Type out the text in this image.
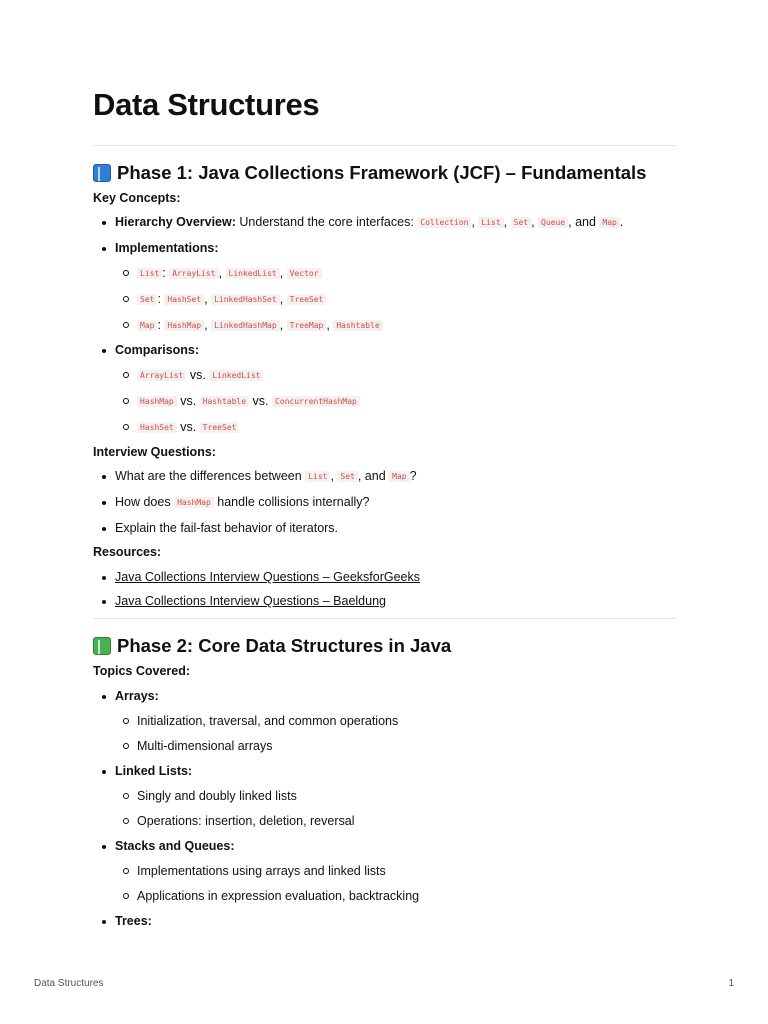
Data Structures
Phase 1: Java Collections Framework (JCF) – Fundamentals

Key Concepts:

Hierarchy Overview: Understand the core interfaces: Collection , List , Set , Queue , and Map .
Implementations:
List : ArrayList , LinkedList , Vector
Set : HashSet , LinkedHashSet , TreeSet
Map : HashMap , LinkedHashMap , TreeMap , Hashtable
Comparisons:
ArrayList vs. LinkedList
HashMap vs. Hashtable vs. ConcurrentHashMap
HashSet vs. TreeSet

Interview Questions:

What are the differences between List , Set , and Map ?
How does HashMap handle collisions internally?
Explain the fail-fast behavior of iterators.

Resources:

Java Collections Interview Questions – GeeksforGeeks
Java Collections Interview Questions – Baeldung
Phase 2: Core Data Structures in Java

Topics Covered:

Arrays:
Initialization, traversal, and common operations
Multi-dimensional arrays
Linked Lists:
Singly and doubly linked lists
Operations: insertion, deletion, reversal
Stacks and Queues:
Implementations using arrays and linked lists
Applications in expression evaluation, backtracking
Trees:
Data Structures	1
